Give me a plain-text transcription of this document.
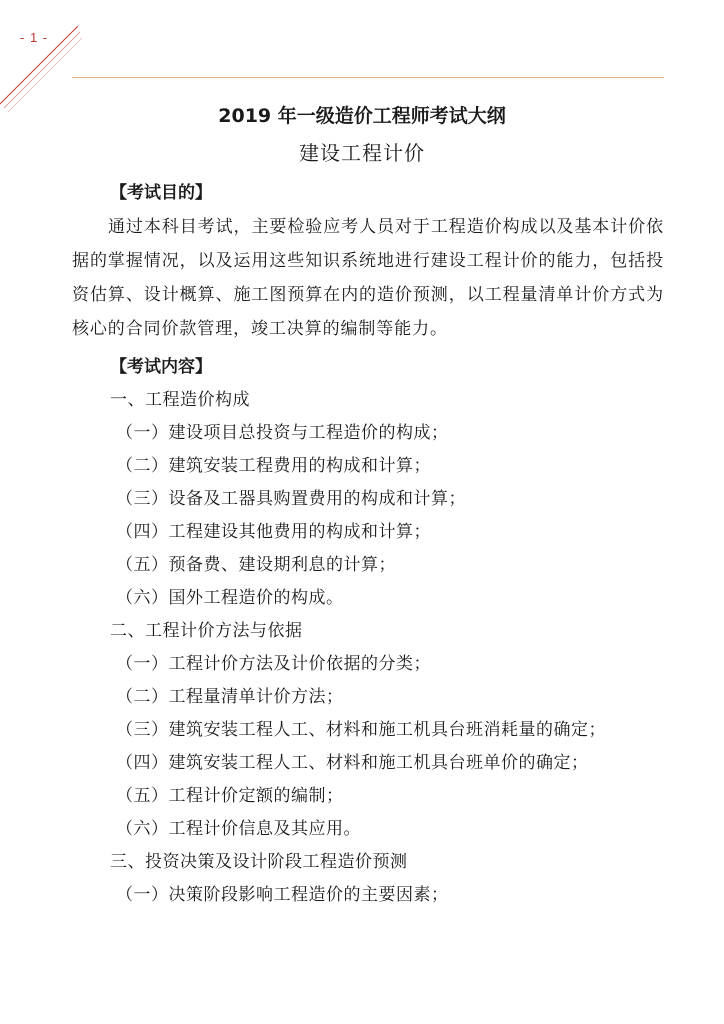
- 1 -
2019 年一级造价工程师考试大纲
建设工程计价
【考试目的】

通过本科目考试，主要检验应考人员对于工程造价构成以及基本计价依据的掌握情况，以及运用这些知识系统地进行建设工程计价的能力，包括投资估算、设计概算、施工图预算在内的造价预测，以工程量清单计价方式为核心的合同价款管理，竣工决算的编制等能力。

【考试内容】
一、工程造价构成
（一）建设项目总投资与工程造价的构成；
（二）建筑安装工程费用的构成和计算；
（三）设备及工器具购置费用的构成和计算；
（四）工程建设其他费用的构成和计算；
（五）预备费、建设期利息的计算；
（六）国外工程造价的构成。
二、工程计价方法与依据
（一）工程计价方法及计价依据的分类；
（二）工程量清单计价方法；
（三）建筑安装工程人工、材料和施工机具台班消耗量的确定；
（四）建筑安装工程人工、材料和施工机具台班单价的确定；
（五）工程计价定额的编制；
（六）工程计价信息及其应用。
三、投资决策及设计阶段工程造价预测
（一）决策阶段影响工程造价的主要因素；
